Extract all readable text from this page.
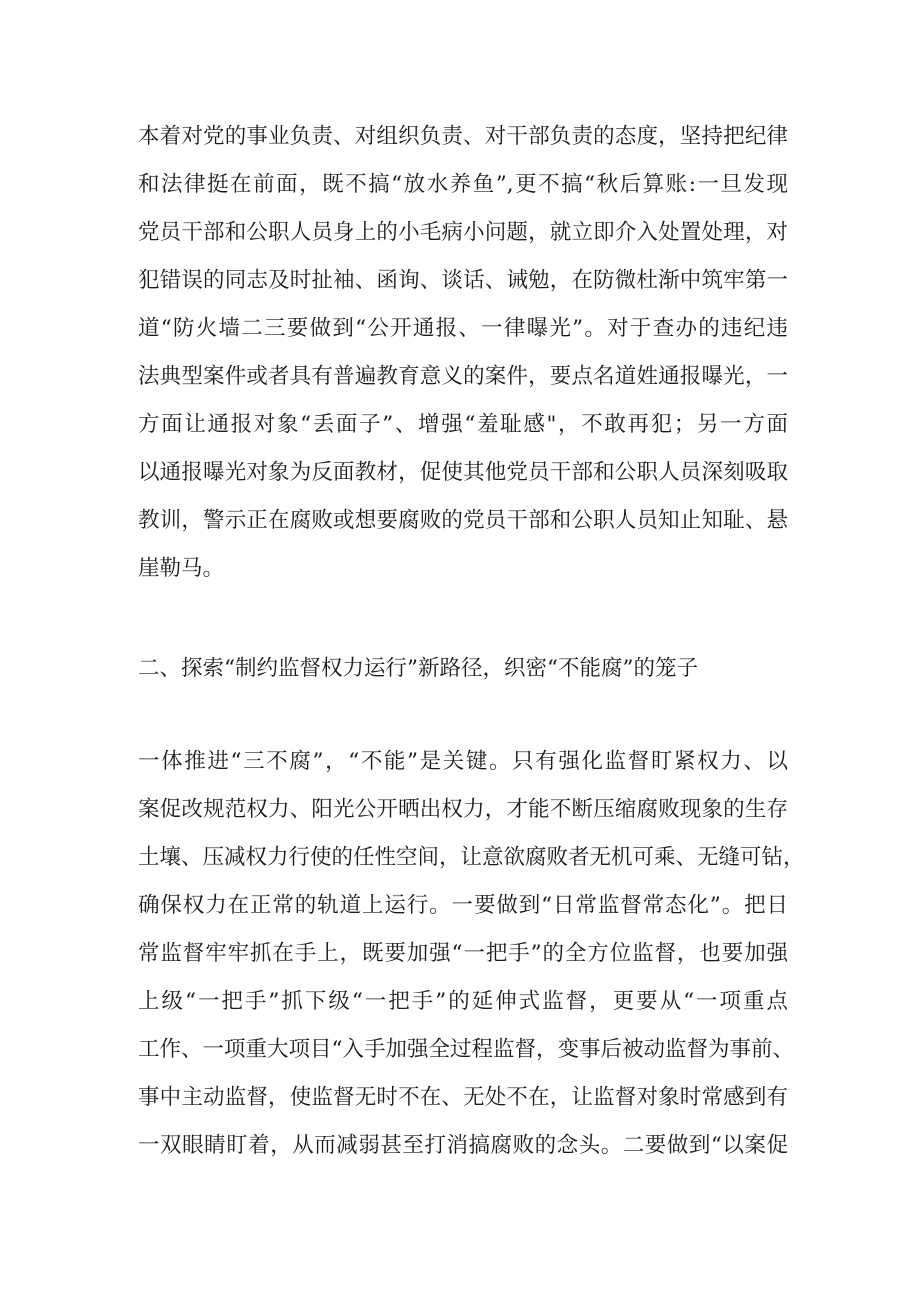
本着对党的事业负责、对组织负责、对干部负责的态度，坚持把纪律
和法律挺在前面，既不搞“放水养鱼”,更不搞“秋后算账:一旦发现
党员干部和公职人员身上的小毛病小问题，就立即介入处置处理，对
犯错误的同志及时扯袖、函询、谈话、诫勉，在防微杜渐中筑牢第一
道“防火墙二三要做到“公开通报、一律曝光”。对于查办的违纪违
法典型案件或者具有普遍教育意义的案件，要点名道姓通报曝光，一
方面让通报对象“丢面子”、增强“羞耻感"，不敢再犯；另一方面
以通报曝光对象为反面教材，促使其他党员干部和公职人员深刻吸取
教训，警示正在腐败或想要腐败的党员干部和公职人员知止知耻、悬
崖勒马。
二、探索“制约监督权力运行”新路径，织密“不能腐”的笼子
一体推进“三不腐”，“不能”是关键。只有强化监督盯紧权力、以
案促改规范权力、阳光公开晒出权力，才能不断压缩腐败现象的生存
土壤、压减权力行使的任性空间，让意欲腐败者无机可乘、无缝可钻，
确保权力在正常的轨道上运行。一要做到“日常监督常态化”。把日
常监督牢牢抓在手上，既要加强“一把手”的全方位监督，也要加强
上级“一把手”抓下级“一把手”的延伸式监督，更要从“一项重点
工作、一项重大项目“入手加强全过程监督，变事后被动监督为事前、
事中主动监督，使监督无时不在、无处不在，让监督对象时常感到有
一双眼睛盯着，从而减弱甚至打消搞腐败的念头。二要做到“以案促
